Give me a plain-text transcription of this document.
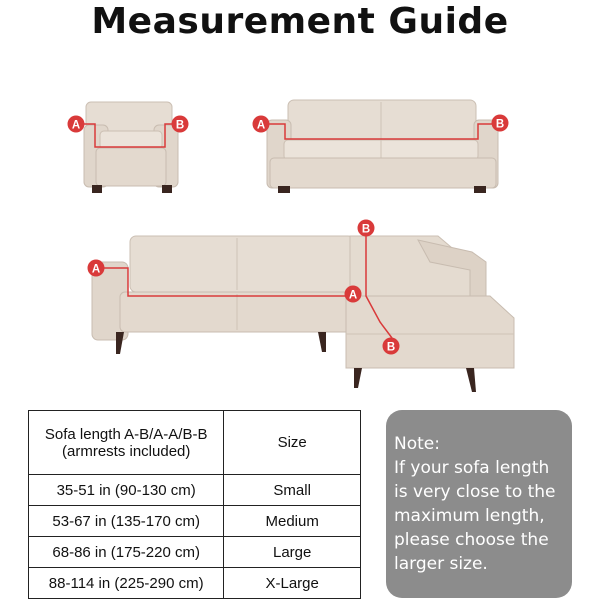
Measurement Guide
A	B	A	B
A
A
B
B
Sofa length A-B/A-A/B-B
(armrests included)	Size
35-51 in (90-130 cm)	Small
53-67 in (135-170 cm)	Medium
68-86 in (175-220 cm)	Large
88-114 in (225-290 cm)	X-Large
Note:
If your sofa length is very close to the maximum length, please choose the larger size.
